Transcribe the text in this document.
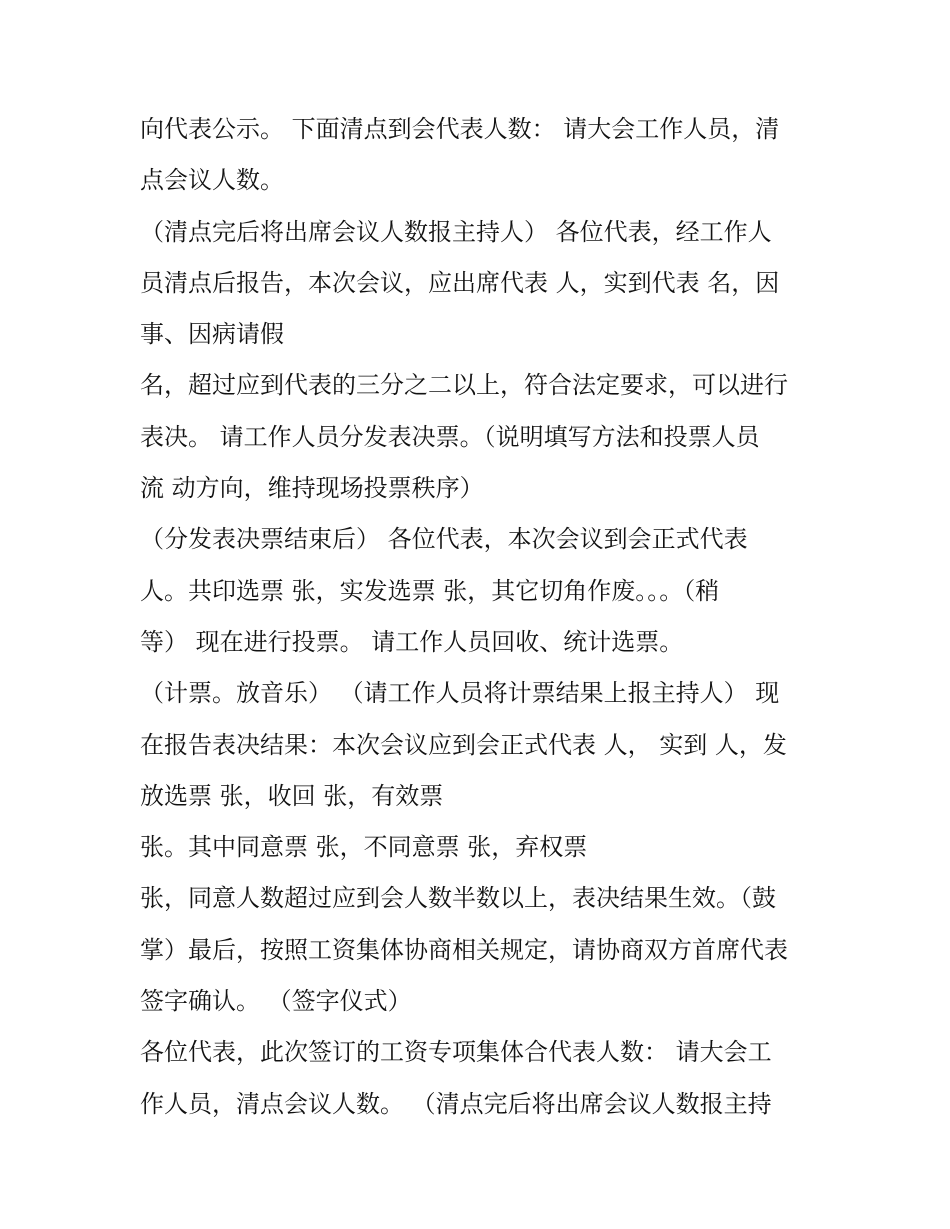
向代表公示。 下面清点到会代表人数： 请大会工作人员，清

点会议人数。

（清点完后将出席会议人数报主持人） 各位代表，经工作人

员清点后报告，本次会议，应出席代表 人，实到代表 名，因

事、因病请假

名，超过应到代表的三分之二以上，符合法定要求，可以进行

表决。 请工作人员分发表决票。（说明填写方法和投票人员

流 动方向，维持现场投票秩序）

（分发表决票结束后） 各位代表，本次会议到会正式代表

人。共印选票 张，实发选票 张，其它切角作废。。。（稍

等） 现在进行投票。 请工作人员回收、统计选票。

（计票。放音乐） （请工作人员将计票结果上报主持人） 现

在报告表决结果：本次会议应到会正式代表 人， 实到 人，发

放选票 张，收回 张，有效票

张。其中同意票 张，不同意票 张，弃权票

张，同意人数超过应到会人数半数以上，表决结果生效。（鼓

掌）最后，按照工资集体协商相关规定，请协商双方首席代表

签字确认。 （签字仪式）

各位代表，此次签订的工资专项集体合代表人数： 请大会工

作人员，清点会议人数。 （清点完后将出席会议人数报主持
